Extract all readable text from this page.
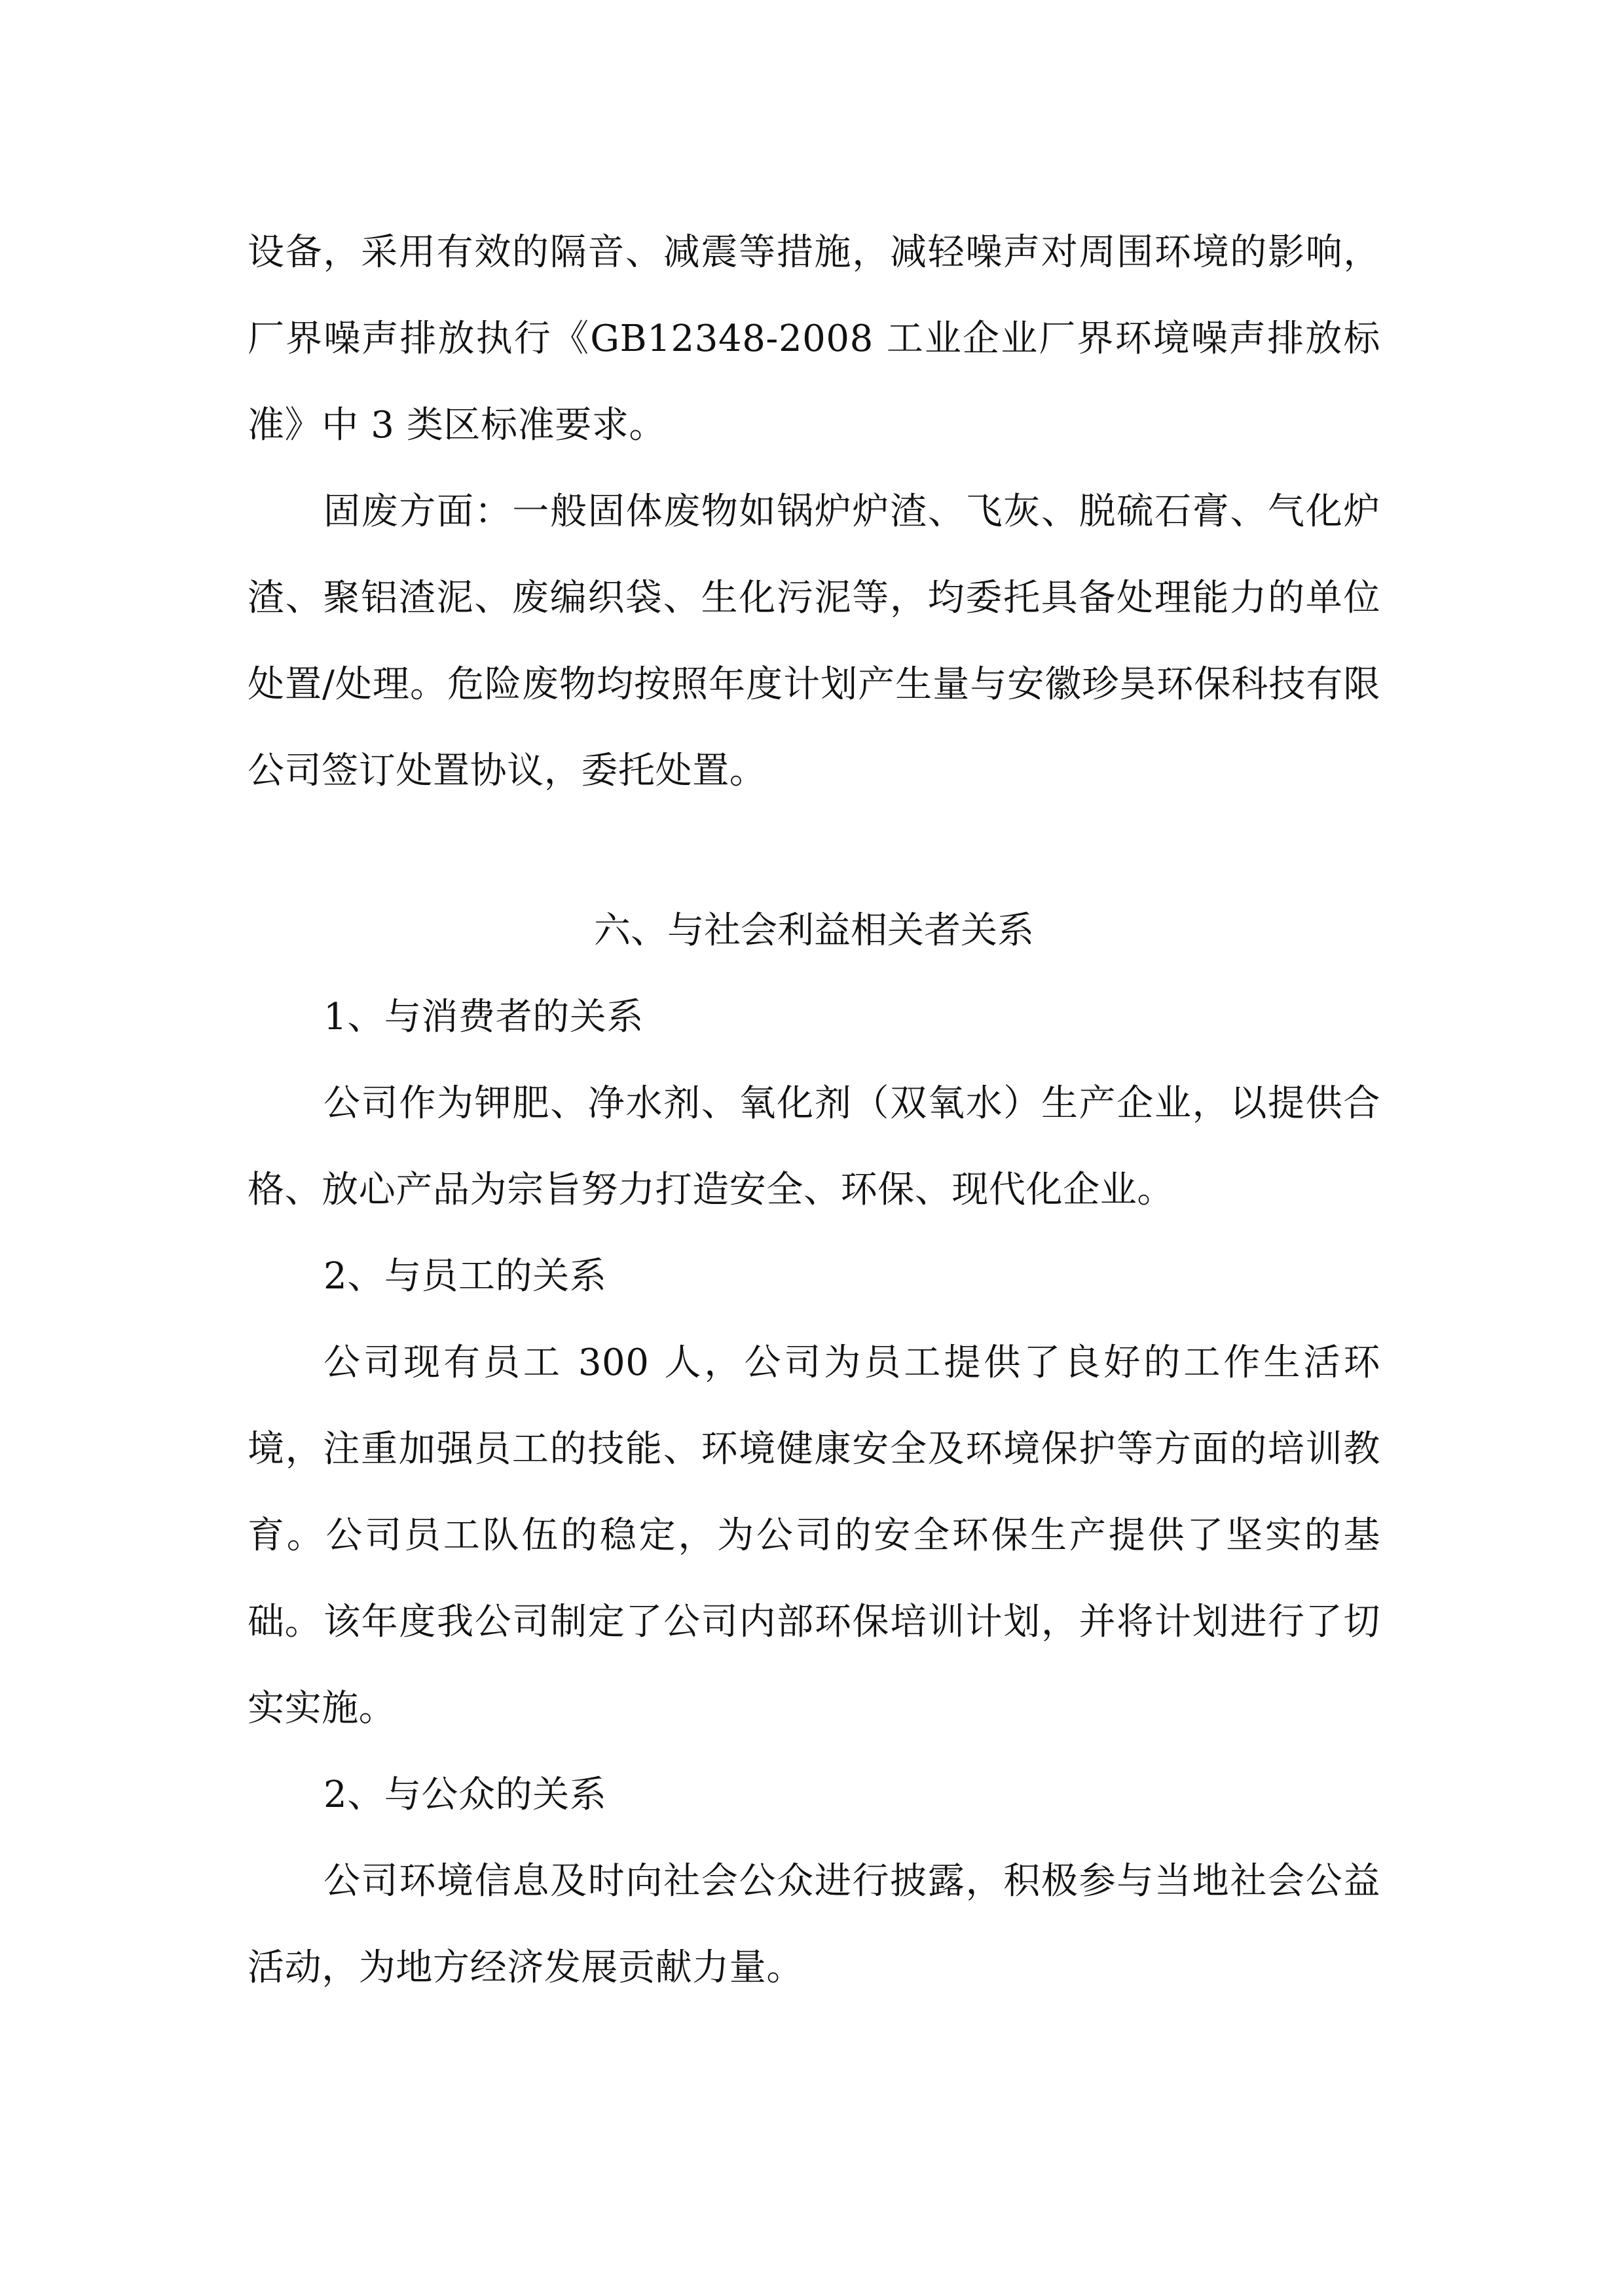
设备，采用有效的隔音、减震等措施，减轻噪声对周围环境的影响，厂界噪声排放执行《GB12348-2008 工业企业厂界环境噪声排放标准》中 3 类区标准要求。

固废方面：一般固体废物如锅炉炉渣、飞灰、脱硫石膏、气化炉渣、聚铝渣泥、废编织袋、生化污泥等，均委托具备处理能力的单位处置/处理。危险废物均按照年度计划产生量与安徽珍昊环保科技有限公司签订处置协议，委托处置。

六、与社会利益相关者关系

1、与消费者的关系

公司作为钾肥、净水剂、氧化剂（双氧水）生产企业，以提供合格、放心产品为宗旨努力打造安全、环保、现代化企业。

2、与员工的关系

公司现有员工 300 人，公司为员工提供了良好的工作生活环境，注重加强员工的技能、环境健康安全及环境保护等方面的培训教育。公司员工队伍的稳定，为公司的安全环保生产提供了坚实的基础。 该年度我公司制定了公司内部环保培训计划，并将计划进行了切实实施。

2、与公众的关系

公司环境信息及时向社会公众进行披露，积极参与当地社会公益活动，为地方经济发展贡献力量。
